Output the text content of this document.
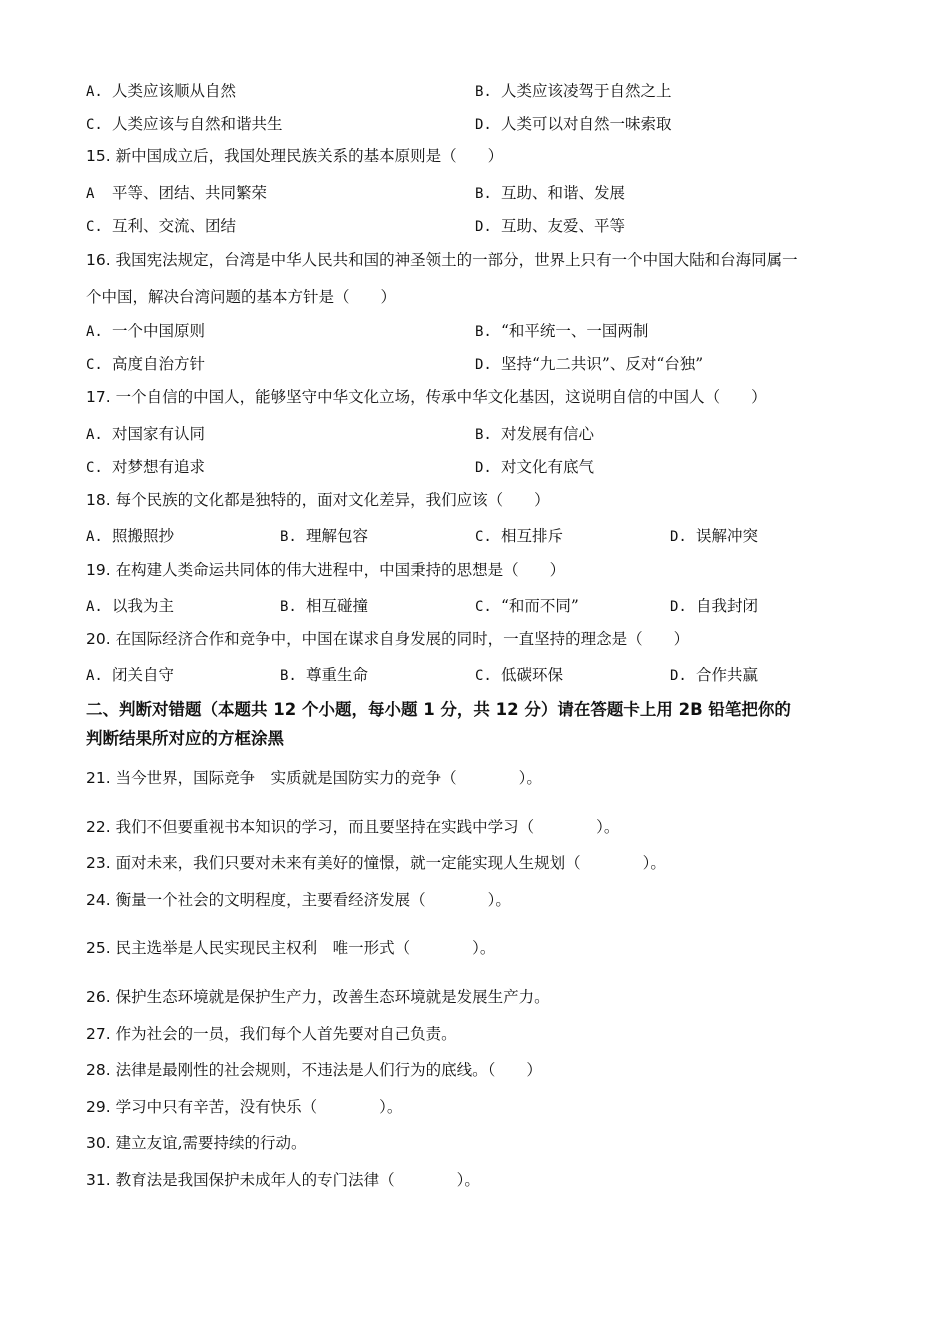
A. 人类应该顺从自然	B. 人类应该凌驾于自然之上
C. 人类应该与自然和谐共生	D. 人类可以对自然一味索取
15. 新中国成立后，我国处理民族关系的基本原则是（　　）
A 平等、团结、共同繁荣	B. 互助、和谐、发展
C. 互利、交流、团结	D. 互助、友爱、平等
16. 我国宪法规定，台湾是中华人民共和国的神圣领土的一部分，世界上只有一个中国大陆和台海同属一
个中国，解决台湾问题的基本方针是（　　）
A. 一个中国原则	B. “和平统一、一国两制
C. 高度自治方针	D. 坚持“九二共识”、反对“台独”
17. 一个自信的中国人，能够坚守中华文化立场，传承中华文化基因，这说明自信的中国人（　　）
A. 对国家有认同	B. 对发展有信心
C. 对梦想有追求	D. 对文化有底气
18. 每个民族的文化都是独特的，面对文化差异，我们应该（　　）
A. 照搬照抄	B. 理解包容	C. 相互排斥	D. 误解冲突
19. 在构建人类命运共同体的伟大进程中，中国秉持的思想是（　　）
A. 以我为主	B. 相互碰撞	C. “和而不同”	D. 自我封闭
20. 在国际经济合作和竞争中，中国在谋求自身发展的同时，一直坚持的理念是（　　）
A. 闭关自守	B. 尊重生命	C. 低碳环保	D. 合作共赢
二、判断对错题（本题共 12 个小题，每小题 1 分，共 12 分）请在答题卡上用 2B 铅笔把你的
判断结果所对应的方框涂黑
21. 当今世界，国际竞争　实质就是国防实力的竞争（　　　　）。
22. 我们不但要重视书本知识的学习，而且要坚持在实践中学习（　　　　）。
23. 面对未来，我们只要对未来有美好的憧憬，就一定能实现人生规划（　　　　）。
24. 衡量一个社会的文明程度，主要看经济发展（　　　　）。
25. 民主选举是人民实现民主权利　唯一形式（　　　　）。
26. 保护生态环境就是保护生产力，改善生态环境就是发展生产力。
27. 作为社会的一员，我们每个人首先要对自己负责。
28. 法律是最刚性的社会规则，不违法是人们行为的底线。（　　）
29. 学习中只有辛苦，没有快乐（　　　　）。
30. 建立友谊,需要持续的行动。
31. 教育法是我国保护未成年人的专门法律（　　　　）。
